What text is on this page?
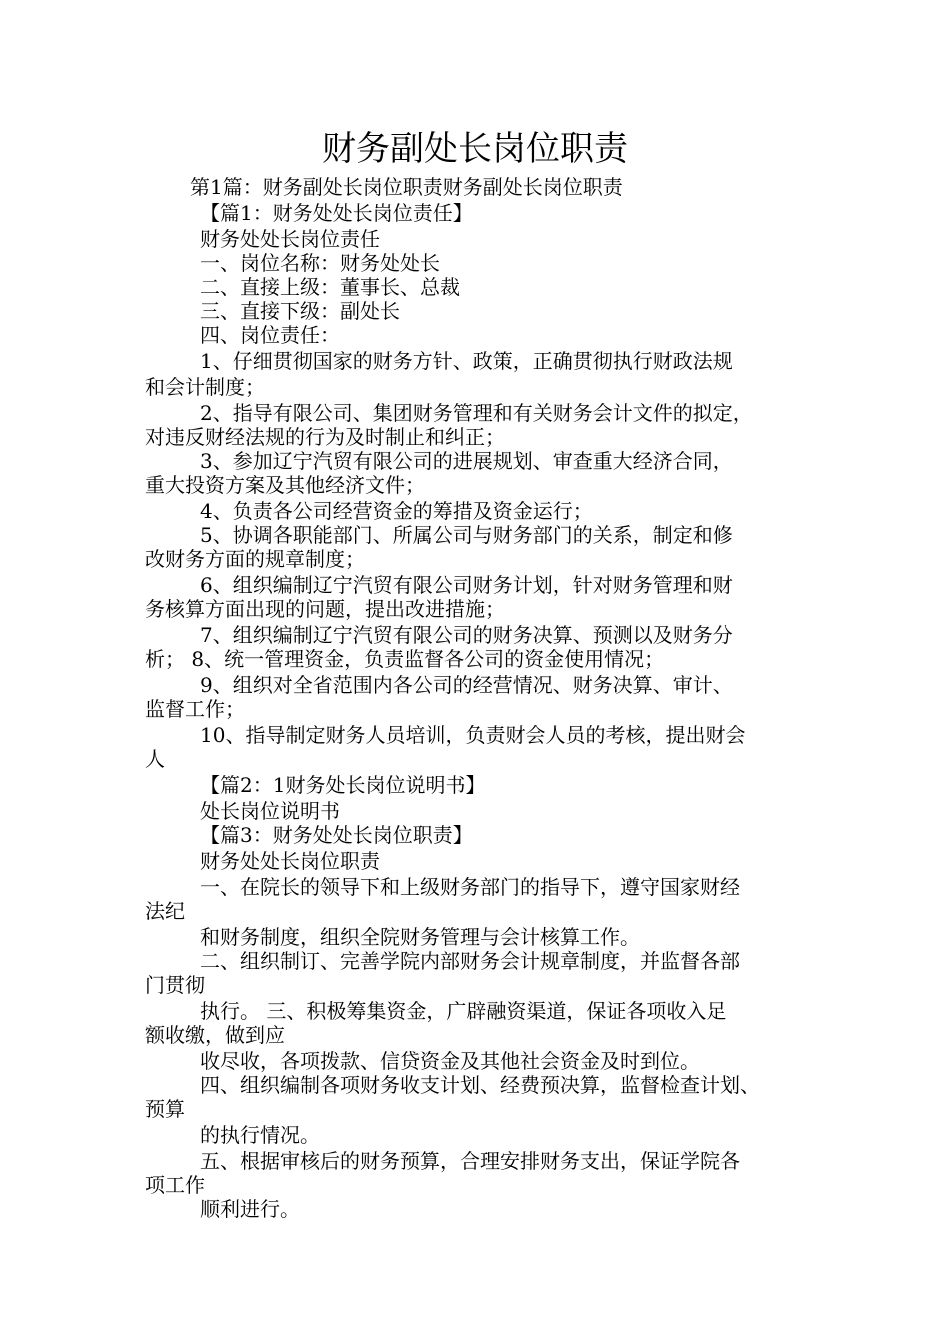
财务副处长岗位职责
第1篇：财务副处长岗位职责财务副处长岗位职责
【篇1：财务处处长岗位责任】
财务处处长岗位责任
一、岗位名称：财务处处长
二、直接上级：董事长、总裁
三、直接下级：副处长
四、岗位责任：
1、仔细贯彻国家的财务方针、政策，正确贯彻执行财政法规
和会计制度；
2、指导有限公司、集团财务管理和有关财务会计文件的拟定，
对违反财经法规的行为及时制止和纠正；
3、参加辽宁汽贸有限公司的进展规划、审查重大经济合同，
重大投资方案及其他经济文件；
4、负责各公司经营资金的筹措及资金运行；
5、协调各职能部门、所属公司与财务部门的关系，制定和修
改财务方面的规章制度；
6、组织编制辽宁汽贸有限公司财务计划，针对财务管理和财
务核算方面出现的问题，提出改进措施；
7、组织编制辽宁汽贸有限公司的财务决算、预测以及财务分
析； 8、统一管理资金，负责监督各公司的资金使用情况；
9、组织对全省范围内各公司的经营情况、财务决算、审计、
监督工作；
10、指导制定财务人员培训，负责财会人员的考核，提出财会
人
【篇2：1财务处长岗位说明书】
处长岗位说明书
【篇3：财务处处长岗位职责】
财务处处长岗位职责
一、在院长的领导下和上级财务部门的指导下，遵守国家财经
法纪
和财务制度，组织全院财务管理与会计核算工作。
二、组织制订、完善学院内部财务会计规章制度，并监督各部
门贯彻
执行。 三、积极筹集资金，广辟融资渠道，保证各项收入足
额收缴，做到应
收尽收，各项拨款、信贷资金及其他社会资金及时到位。
四、组织编制各项财务收支计划、经费预决算，监督检查计划、
预算
的执行情况。
五、根据审核后的财务预算，合理安排财务支出，保证学院各
项工作
顺利进行。
